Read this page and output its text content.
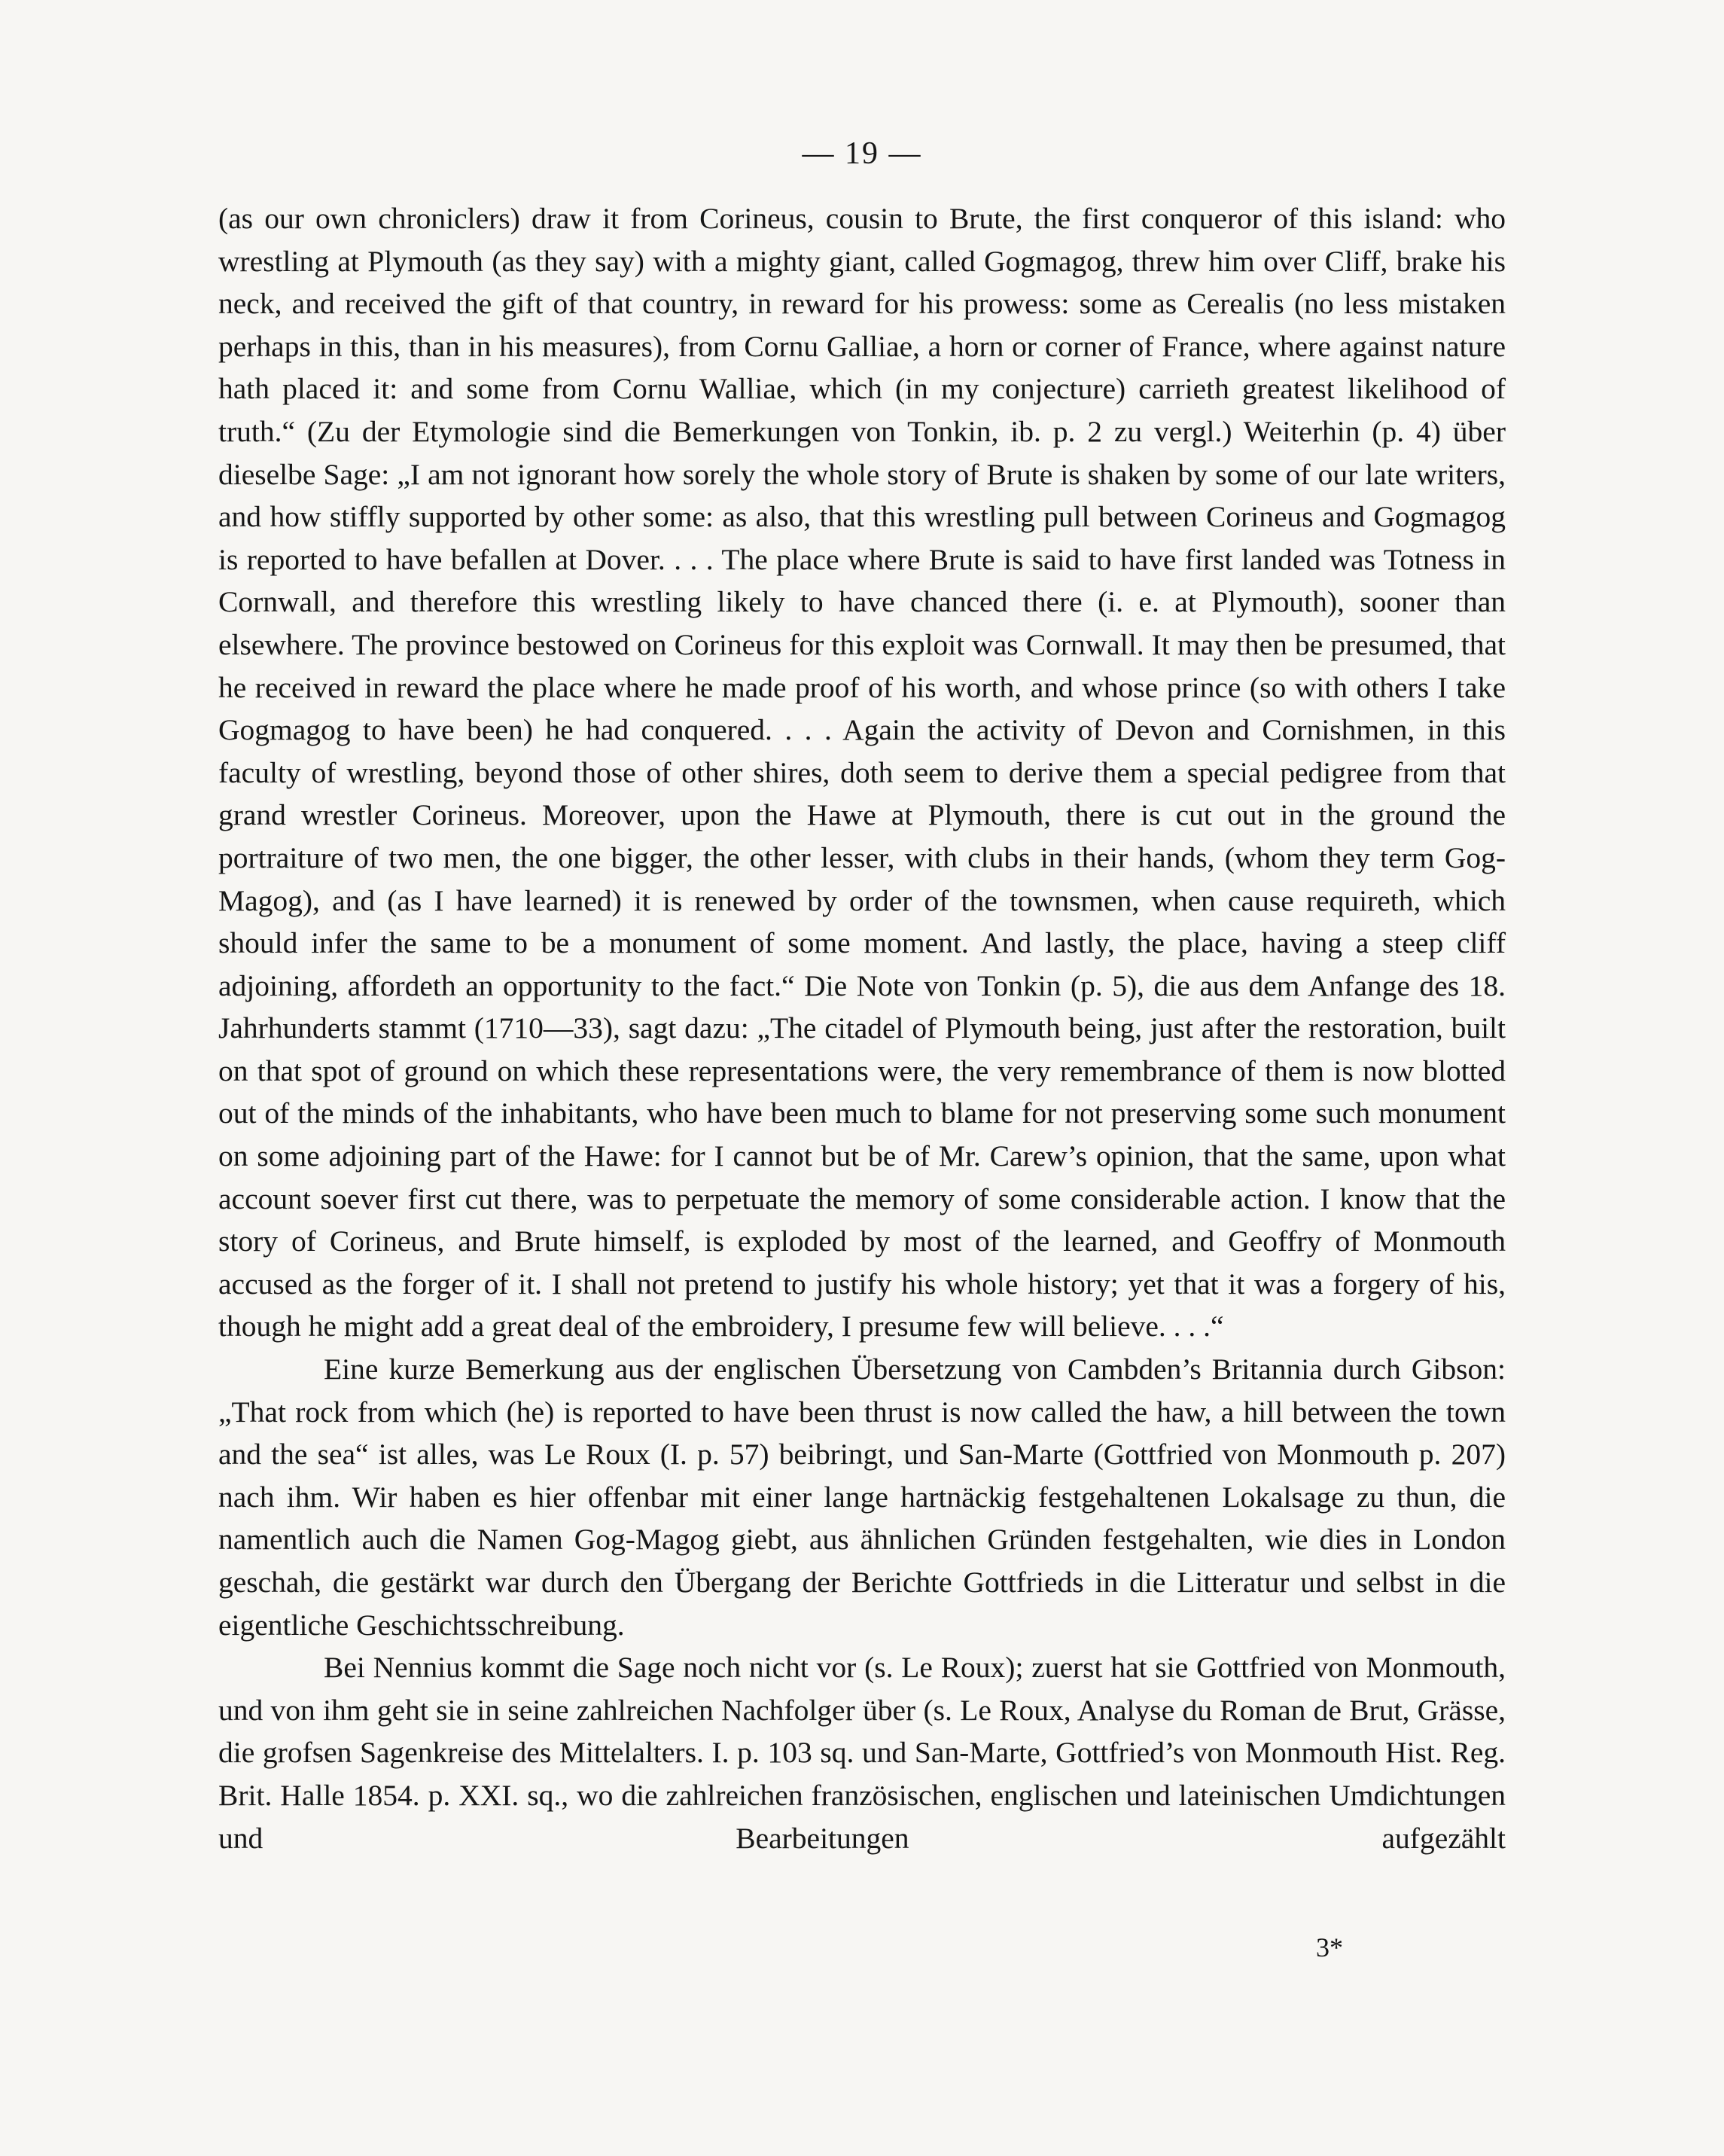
— 19 —

(as our own chroniclers) draw it from Corineus, cousin to Brute, the first conqueror of this island: who wrestling at Plymouth (as they say) with a mighty giant, called Gogmagog, threw him over Cliff, brake his neck, and received the gift of that country, in reward for his prowess: some as Cerealis (no less mistaken perhaps in this, than in his measures), from Cornu Galliae, a horn or corner of France, where against nature hath placed it: and some from Cornu Walliae, which (in my conjecture) carrieth greatest likelihood of truth.“ (Zu der Etymologie sind die Bemerkungen von Tonkin, ib. p. 2 zu vergl.) Weiterhin (p. 4) über dieselbe Sage: „I am not ignorant how sorely the whole story of Brute is shaken by some of our late writers, and how stiffly supported by other some: as also, that this wrestling pull between Corineus and Gogmagog is reported to have befallen at Dover. . . . The place where Brute is said to have first landed was Totness in Cornwall, and therefore this wrestling likely to have chanced there (i. e. at Plymouth), sooner than elsewhere. The province bestowed on Corineus for this exploit was Cornwall. It may then be presumed, that he received in reward the place where he made proof of his worth, and whose prince (so with others I take Gogmagog to have been) he had conquered. . . . Again the activity of Devon and Cornishmen, in this faculty of wrestling, beyond those of other shires, doth seem to derive them a special pedigree from that grand wrestler Corineus. Moreover, upon the Hawe at Plymouth, there is cut out in the ground the portraiture of two men, the one bigger, the other lesser, with clubs in their hands, (whom they term Gog-Magog), and (as I have learned) it is renewed by order of the townsmen, when cause requireth, which should infer the same to be a monument of some moment. And lastly, the place, having a steep cliff adjoining, affordeth an opportunity to the fact.“ Die Note von Tonkin (p. 5), die aus dem Anfange des 18. Jahrhunderts stammt (1710—33), sagt dazu: „The citadel of Plymouth being, just after the restoration, built on that spot of ground on which these representations were, the very remembrance of them is now blotted out of the minds of the inhabitants, who have been much to blame for not preserving some such monument on some adjoining part of the Hawe: for I cannot but be of Mr. Carew’s opinion, that the same, upon what account soever first cut there, was to perpetuate the memory of some considerable action. I know that the story of Corineus, and Brute himself, is exploded by most of the learned, and Geoffry of Monmouth accused as the forger of it. I shall not pretend to justify his whole history; yet that it was a forgery of his, though he might add a great deal of the embroidery, I presume few will believe. . . .“

Eine kurze Bemerkung aus der englischen Übersetzung von Cambden’s Britannia durch Gibson: „That rock from which (he) is reported to have been thrust is now called the haw, a hill between the town and the sea“ ist alles, was Le Roux (I. p. 57) beibringt, und San-Marte (Gottfried von Monmouth p. 207) nach ihm. Wir haben es hier offenbar mit einer lange hartnäckig festgehaltenen Lokalsage zu thun, die namentlich auch die Namen Gog-Magog giebt, aus ähnlichen Gründen festgehalten, wie dies in London geschah, die gestärkt war durch den Übergang der Berichte Gottfrieds in die Litteratur und selbst in die eigentliche Geschichtsschreibung.

Bei Nennius kommt die Sage noch nicht vor (s. Le Roux); zuerst hat sie Gottfried von Monmouth, und von ihm geht sie in seine zahlreichen Nachfolger über (s. Le Roux, Analyse du Roman de Brut, Grässe, die grofsen Sagenkreise des Mittelalters. I. p. 103 sq. und San-Marte, Gottfried’s von Monmouth Hist. Reg. Brit. Halle 1854. p. XXI. sq., wo die zahlreichen französischen, englischen und lateinischen Umdichtungen und Bearbeitungen aufgezählt

3*
